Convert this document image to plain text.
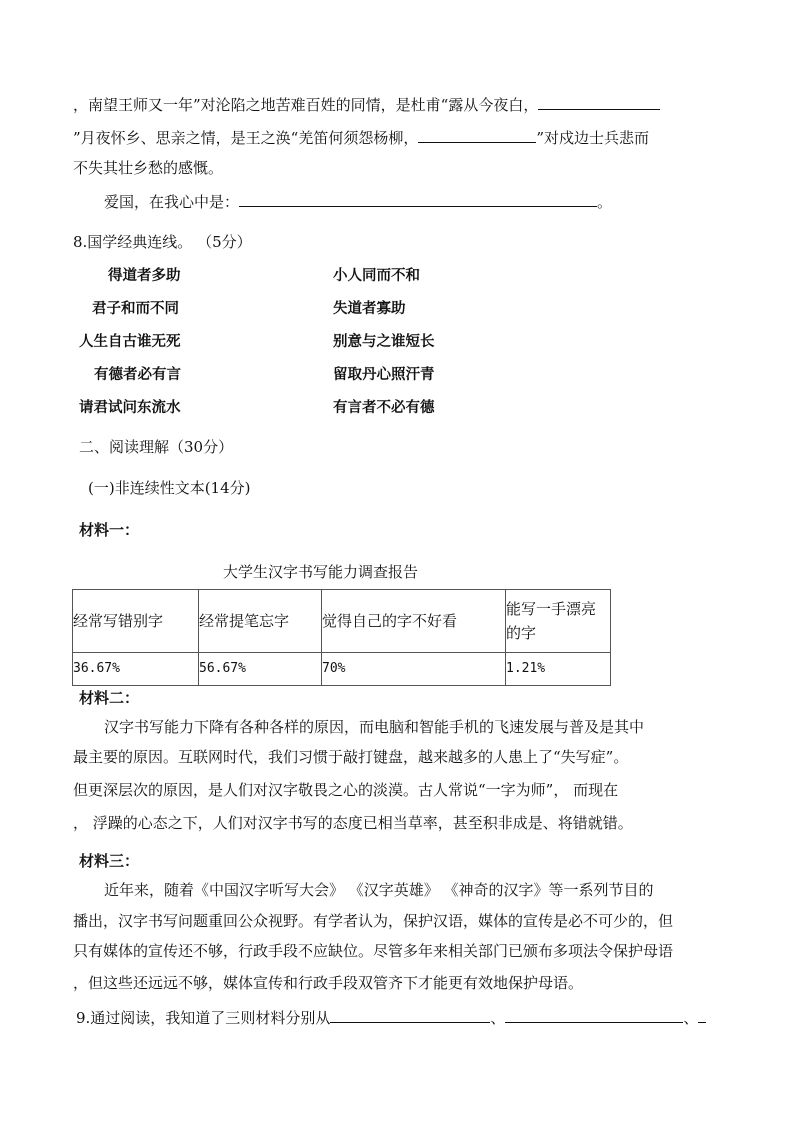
，南望王师又一年”对沦陷之地苦难百姓的同情，是杜甫“露从今夜白，
”月夜怀乡、思亲之情，是王之涣“羌笛何须怨杨柳，	”对戍边士兵悲而
不失其壮乡愁的感慨。
爱国，在我心中是：	。
8.国学经典连线。 （5分）
得道者多助
君子和而不同
人生自古谁无死
有德者必有言
请君试问东流水
小人同而不和
失道者寡助
别意与之谁短长
留取丹心照汗青
有言者不必有德
二、阅读理解（30分）
(一)非连续性文本(14分)
材料一：
大学生汉字书写能力调查报告
经常写错别字	经常提笔忘字	觉得自己的字不好看	能写一手漂亮的字
36.67%	56.67%	70%	1.21%
材料二：
汉字书写能力下降有各种各样的原因，而电脑和智能手机的飞速发展与普及是其中
最主要的原因。互联网时代，我们习惯于敲打键盘，越来越多的人患上了“失写症”。
但更深层次的原因，是人们对汉字敬畏之心的淡漠。古人常说“一字为师”， 而现在
， 浮躁的心态之下，人们对汉字书写的态度已相当草率，甚至积非成是、将错就错。
材料三：
近年来，随着《中国汉字听写大会》 《汉字英雄》 《神奇的汉字》等一系列节目的
播出，汉字书写问题重回公众视野。有学者认为，保护汉语，媒体的宣传是必不可少的，但
只有媒体的宣传还不够，行政手段不应缺位。尽管多年来相关部门已颁布多项法令保护母语
，但这些还远远不够，媒体宣传和行政手段双管齐下才能更有效地保护母语。
9.通过阅读，我知道了三则材料分别从	、	、
